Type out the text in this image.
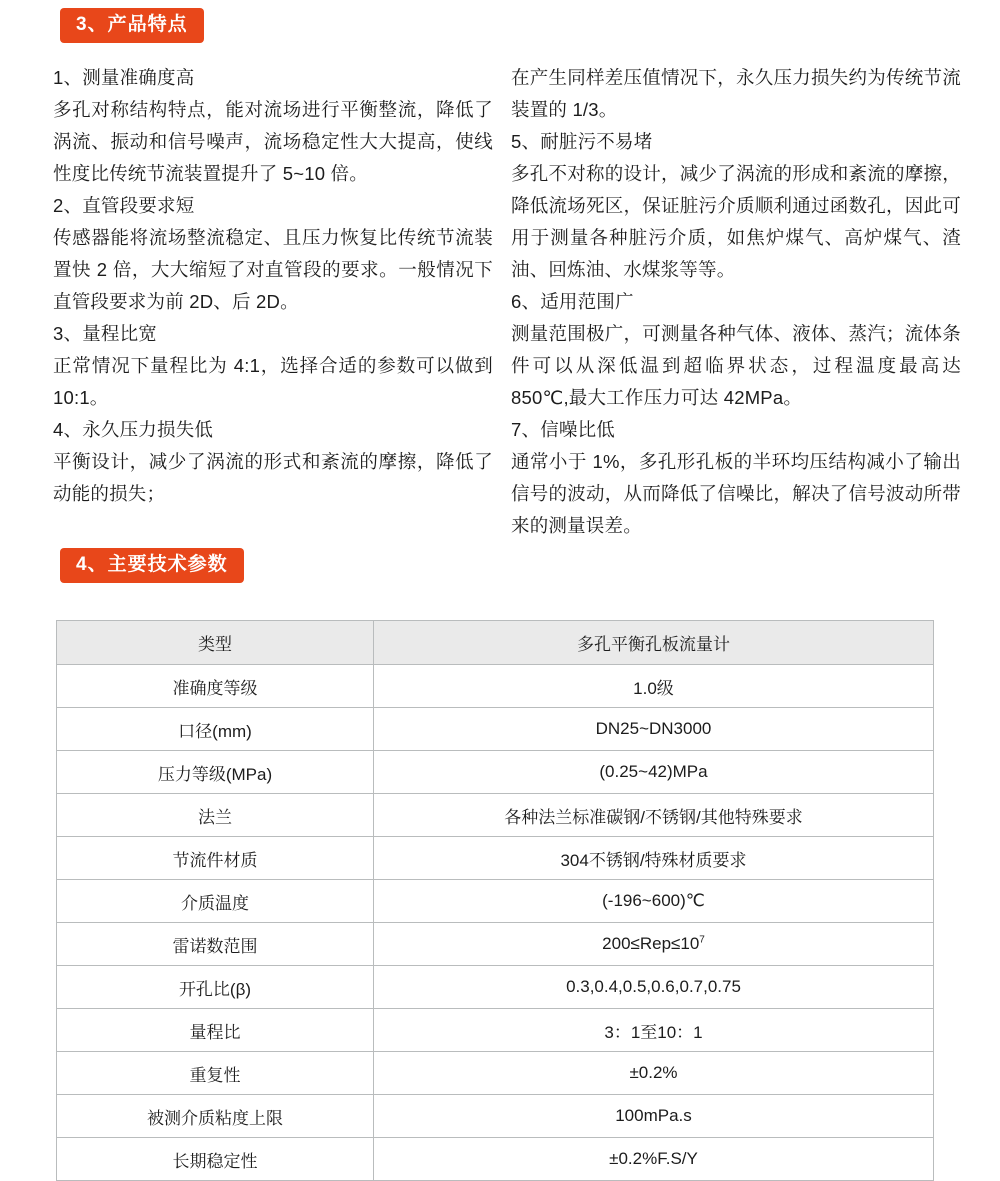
3、产品特点

1、测量准确度高

多孔对称结构特点，能对流场进行平衡整流，降低了涡流、振动和信号噪声，流场稳定性大大提高，使线性度比传统节流装置提升了 5~10 倍。

2、直管段要求短

传感器能将流场整流稳定、且压力恢复比传统节流装置快 2 倍，大大缩短了对直管段的要求。一般情况下直管段要求为前 2D、后 2D。

3、量程比宽

正常情况下量程比为 4:1，选择合适的参数可以做到 10:1。

4、永久压力损失低

平衡设计，减少了涡流的形式和紊流的摩擦，降低了动能的损失；

在产生同样差压值情况下，永久压力损失约为传统节流装置的 1/3。

5、耐脏污不易堵

多孔不对称的设计，减少了涡流的形成和紊流的摩擦，降低流场死区，保证脏污介质顺利通过函数孔，因此可用于测量各种脏污介质，如焦炉煤气、高炉煤气、渣油、回炼油、水煤浆等等。

6、适用范围广

测量范围极广，可测量各种气体、液体、蒸汽；流体条件可以从深低温到超临界状态，过程温度最高达 850℃,最大工作压力可达 42MPa。

7、信噪比低

通常小于 1%，多孔形孔板的半环均压结构减小了输出信号的波动，从而降低了信噪比，解决了信号波动所带来的测量误差。

4、主要技术参数
类型	多孔平衡孔板流量计
准确度等级	1.0级
口径(mm)	DN25~DN3000
压力等级(MPa)	(0.25~42)MPa
法兰	各种法兰标准碳钢/不锈钢/其他特殊要求
节流件材质	304不锈钢/特殊材质要求
介质温度	(-196~600)℃
雷诺数范围	$200\le Rep\le 10^7$
开孔比(β)	0.3,0.4,0.5,0.6,0.7,0.75
量程比	3：1至10：1
重复性	±0.2%
被测介质粘度上限	100mPa.s
长期稳定性	±0.2%F.S/Y
